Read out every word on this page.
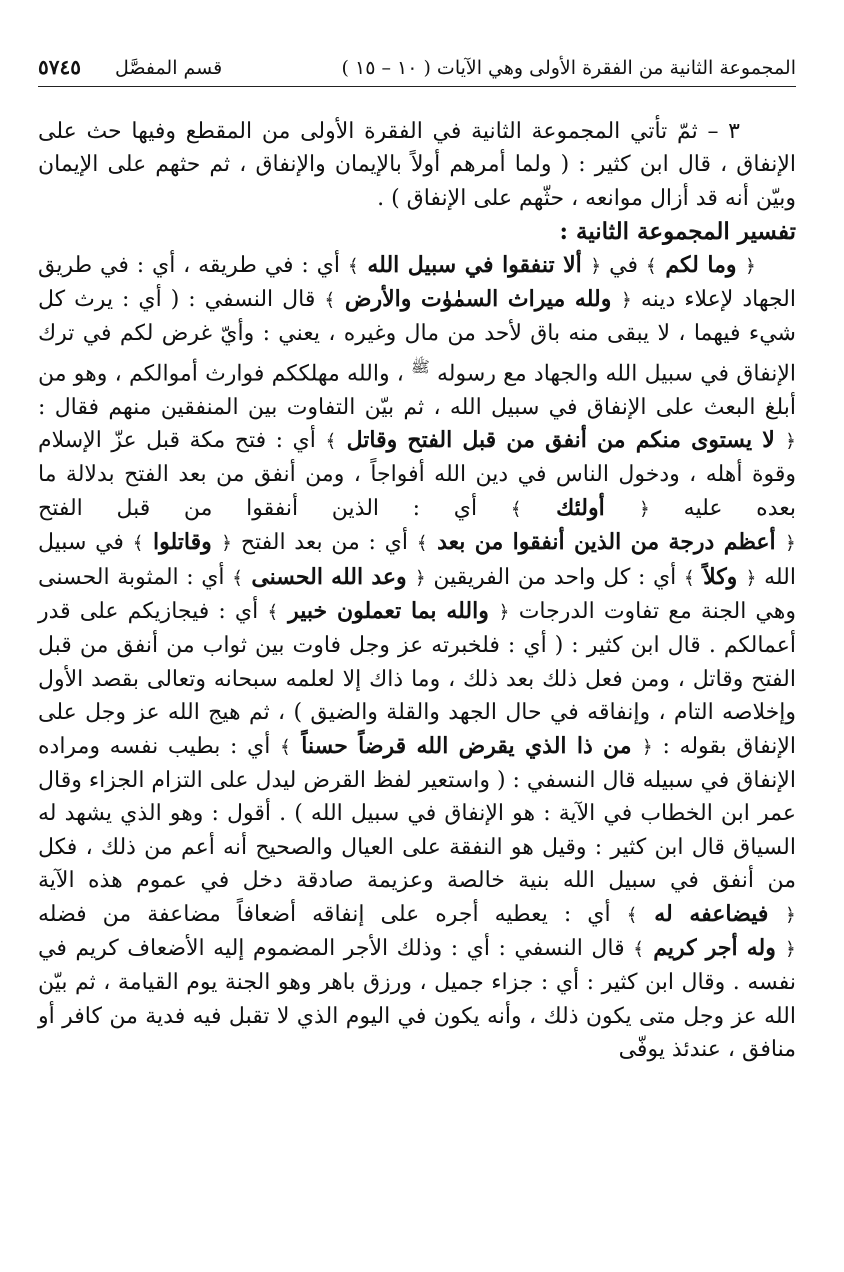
المجموعة الثانية من الفقرة الأولى وهي الآيات ( ١٠ – ١٥ )
قسم المفصَّل
٥٧٤٥

٣ – ثمّ تأتي المجموعة الثانية في الفقرة الأولى من المقطع وفيها حث على الإنفاق ، قال ابن كثير : ( ولما أمرهم أولاً بالإيمان والإنفاق ، ثم حثهم على الإيمان وبيّن أنه قد أزال موانعه ، حثّهم على الإنفاق ) .

تفسير المجموعة الثانية :

﴿ وما لكم ﴾ في ﴿ ألا تنفقوا في سبيل الله ﴾ أي : في طريقه ، أي : في طريق الجهاد لإعلاء دينه ﴿ ولله ميراث السمٰوٰت والأرض ﴾ قال النسفي : ( أي : يرث كل شيء فيهما ، لا يبقى منه باق لأحد من مال وغيره ، يعني : وأيّ غرض لكم في ترك الإنفاق في سبيل الله والجهاد مع رسوله $^ﷺ$ ، والله مهلككم فوارث أموالكم ، وهو من أبلغ البعث على الإنفاق في سبيل الله ، ثم بيّن التفاوت بين المنفقين منهم فقال : ﴿ لا يستوى منكم من أنفق من قبل الفتح وقاتل ﴾ أي : فتح مكة قبل عزّ الإسلام وقوة أهله ، ودخول الناس في دين الله أفواجاً ، ومن أنفق من بعد الفتح بدلالة ما بعده عليه ﴿ أولئك ﴾ أي : الذين أنفقوا من قبل الفتح ﴿ أعظم درجة من الذين أنفقوا من بعد ﴾ أي : من بعد الفتح ﴿ وقاتلوا ﴾ في سبيل الله ﴿ وكلاً ﴾ أي : كل واحد من الفريقين ﴿ وعد الله الحسنى ﴾ أي : المثوبة الحسنى وهي الجنة مع تفاوت الدرجات ﴿ والله بما تعملون خبير ﴾ أي : فيجازيكم على قدر أعمالكم . قال ابن كثير : ( أي : فلخبرته عز وجل فاوت بين ثواب من أنفق من قبل الفتح وقاتل ، ومن فعل ذلك بعد ذلك ، وما ذاك إلا لعلمه سبحانه وتعالى بقصد الأول وإخلاصه التام ، وإنفاقه في حال الجهد والقلة والضيق ) ، ثم هيج الله عز وجل على الإنفاق بقوله : ﴿ من ذا الذي يقرض الله قرضاً حسناً ﴾ أي : بطيب نفسه ومراده الإنفاق في سبيله قال النسفي : ( واستعير لفظ القرض ليدل على التزام الجزاء وقال عمر ابن الخطاب في الآية : هو الإنفاق في سبيل الله ) . أقول : وهو الذي يشهد له السياق قال ابن كثير : وقيل هو النفقة على العيال والصحيح أنه أعم من ذلك ، فكل من أنفق في سبيل الله بنية خالصة وعزيمة صادقة دخل في عموم هذه الآية ﴿ فيضاعفه له ﴾ أي : يعطيه أجره على إنفاقه أضعافاً مضاعفة من فضله ﴿ وله أجر كريم ﴾ قال النسفي : أي : وذلك الأجر المضموم إليه الأضعاف كريم في نفسه . وقال ابن كثير : أي : جزاء جميل ، ورزق باهر وهو الجنة يوم القيامة ، ثم بيّن الله عز وجل متى يكون ذلك ، وأنه يكون في اليوم الذي لا تقبل فيه فدية من كافر أو منافق ، عندئذ يوفّى
